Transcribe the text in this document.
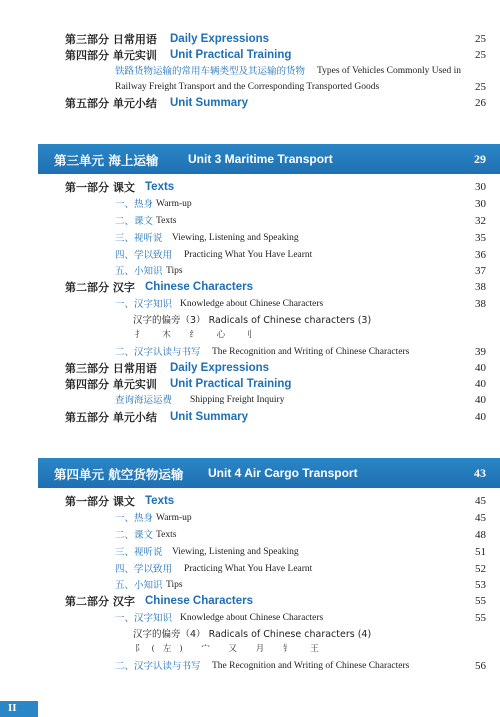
第三部分 日常用语 Daily Expressions	25
第四部分 单元实训 Unit Practical Training	25
铁路货物运输的常用车辆类型及其运输的货物 Types of Vehicles Commonly Used in
Railway Freight Transport and the Corresponding Transported Goods	25
第五部分 单元小结 Unit Summary	26
第三单元 海上运输 Unit 3 Maritime Transport	29
第一部分 课文 Texts	30
一、热身 Warm-up	30
二、课文 Texts	32
三、视听说 Viewing, Listening and Speaking	35
四、学以致用 Practicing What You Have Learnt	36
五、小知识 Tips	37
第二部分 汉字 Chinese Characters	38
一、汉字知识 Knowledge about Chinese Characters	38
汉字的偏旁（3） Radicals of Chinese characters (3)
扌 木 纟 心 刂
二、汉字认读与书写 The Recognition and Writing of Chinese Characters	39
第三部分 日常用语 Daily Expressions	40
第四部分 单元实训 Unit Practical Training	40
查询海运运费 Shipping Freight Inquiry	40
第五部分 单元小结 Unit Summary	40
第四单元 航空货物运输 Unit 4 Air Cargo Transport	43
第一部分 课文 Texts	45
一、热身 Warm-up	45
二、课文 Texts	48
三、视听说 Viewing, Listening and Speaking	51
四、学以致用 Practicing What You Have Learnt	52
五、小知识 Tips	53
第二部分 汉字 Chinese Characters	55
一、汉字知识 Knowledge about Chinese Characters	55
汉字的偏旁（4） Radicals of Chinese characters (4)
阝(左) 宀 又 月 钅 王
二、汉字认读与书写 The Recognition and Writing of Chinese Characters	56
II
